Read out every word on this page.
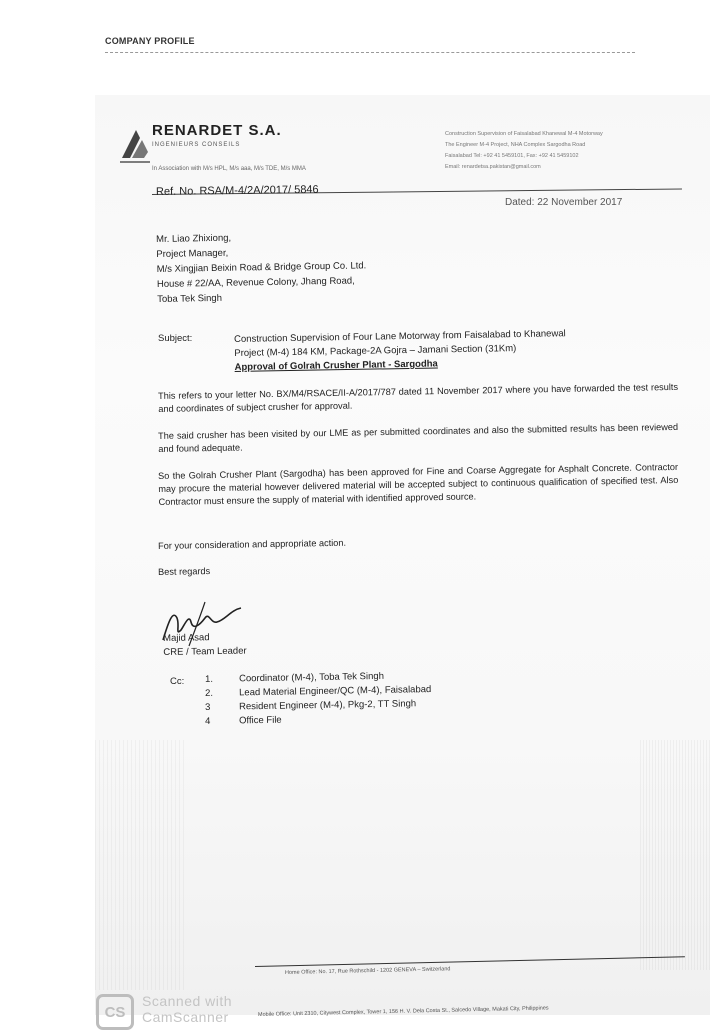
COMPANY PROFILE
RENARDET S.A.
INGENIEURS CONSEILS
In Association with M/s HPL, M/s aaa, M/s TDE, M/s MMA
Construction Supervision of Faisalabad Khanewal M-4 Motorway
The Engineer M-4 Project, NHA Complex Sargodha Road
Faisalabad Tel: +92 41 5459101, Fax: +92 41 5459102
Email: renardetsa.pakistan@gmail.com
Ref. No. RSA/M-4/2A/2017/ 5846
Dated: 22 November 2017
Mr. Liao Zhixiong,
Project Manager,
M/s Xingjian Beixin Road & Bridge Group Co. Ltd.
House # 22/AA, Revenue Colony, Jhang Road,
Toba Tek Singh
Subject:	Construction Supervision of Four Lane Motorway from Faisalabad to Khanewal
Project (M-4) 184 KM, Package-2A Gojra – Jamani Section (31Km)
Approval of Golrah Crusher Plant - Sargodha
This refers to your letter No. BX/M4/RSACE/II-A/2017/787 dated 11 November 2017 where you have forwarded the test results and coordinates of subject crusher for approval.
The said crusher has been visited by our LME as per submitted coordinates and also the submitted results has been reviewed and found adequate.
So the Golrah Crusher Plant (Sargodha) has been approved for Fine and Coarse Aggregate for Asphalt Concrete. Contractor may procure the material however delivered material will be accepted subject to continuous qualification of specified test. Also Contractor must ensure the supply of material with identified approved source.
For your consideration and appropriate action.
Best regards
Majid Asad
CRE / Team Leader
Cc: 1.	Coordinator (M-4), Toba Tek Singh
2.	Lead Material Engineer/QC (M-4), Faisalabad
3	Resident Engineer (M-4), Pkg-2, TT Singh
4	Office File
Home Office: No. 17, Rue Rothschild - 1202 GENEVA – Switzerland
Mobile Office: Unit 2310, Citywest Complex, Tower 1, 156 H. V. Dela Costa St., Salcedo Village, Makati City, Philippines
CS
Scanned with
CamScanner
